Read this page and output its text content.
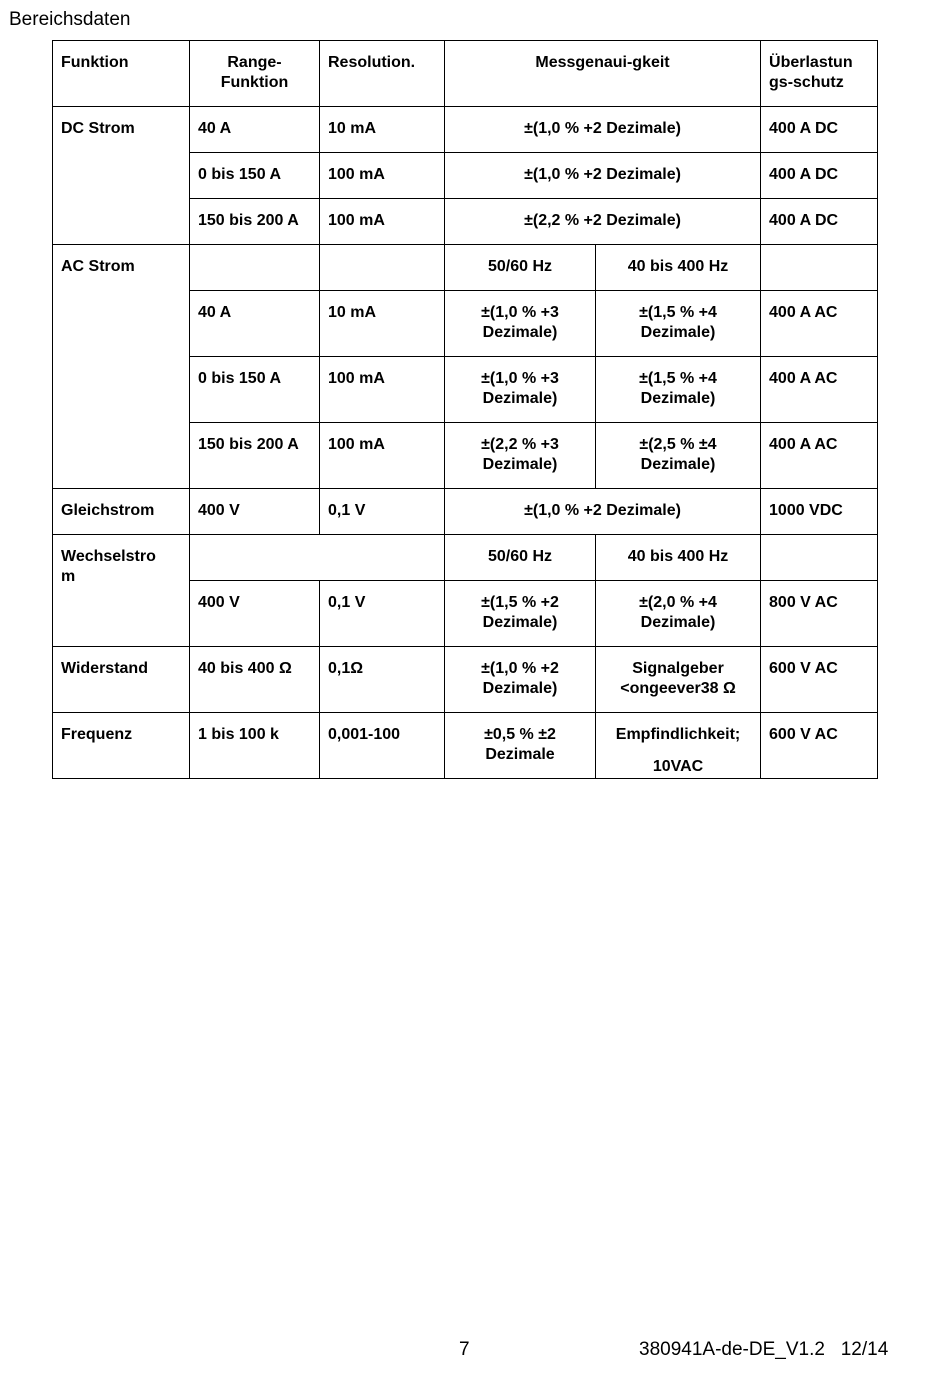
Bereichsdaten
Funktion	Range-Funktion	Resolution.	Messgenaui-gkeit		Überlastun
gs-schutz

DC Strom	40 A	10 mA	±(1,0 % +2 Dezimale)		400 A DC
	0 bis 150 A	100 mA	±(1,0 % +2 Dezimale)		400 A DC
	150 bis 200 A	100 mA	±(2,2 % +2 Dezimale)		400 A DC
AC Strom			50/60 Hz	40 bis 400 Hz	
	40 A	10 mA	±(1,0 % +3
Dezimale)	±(1,5 % +4
Dezimale)	400 A AC
	0 bis 150 A	100 mA	±(1,0 % +3
Dezimale)	±(1,5 % +4
Dezimale)	400 A AC
	150 bis 200 A	100 mA	±(2,2 % +3
Dezimale)	±(2,5 % ±4
Dezimale)	400 A AC
Gleichstrom	400 V	0,1 V	±(1,0 % +2 Dezimale)		1000 VDC

Wechselstro
m			50/60 Hz	40 bis 400 Hz	
	400 V	0,1 V	±(1,5 % +2
Dezimale)	±(2,0 % +4
Dezimale)	800 V AC
Widerstand	40 bis 400 Ω	0,1Ω	±(1,0 % +2
Dezimale)	Signalgeber
<ongeever38 Ω	600 V AC
Frequenz	1 bis 100 k	0,001-100	±0,5 % ±2
Dezimale	Empfindlichkeit;
10VAC	600 V AC
7	380941A-de-DE_V1.2   12/14
